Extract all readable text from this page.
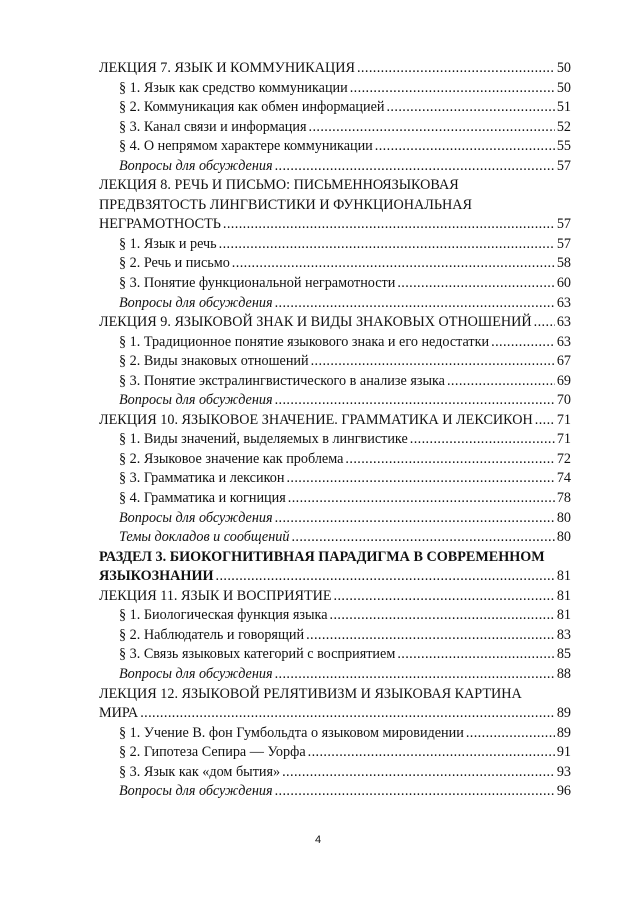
ЛЕКЦИЯ 7. ЯЗЫК И КОММУНИКАЦИЯ .....	50
§ 1. Язык как средство коммуникации .....	50
§ 2. Коммуникация как обмен информацией .....	51
§ 3. Канал связи и информация .....	52
§ 4. О непрямом характере коммуникации .....	55
Вопросы для обсуждения .....	57
ЛЕКЦИЯ 8. РЕЧЬ И ПИСЬМО: ПИСЬМЕННОЯЗЫКОВАЯ
ПРЕДВЗЯТОСТЬ ЛИНГВИСТИКИ И ФУНКЦИОНАЛЬНАЯ
НЕГРАМОТНОСТЬ .....	57
§ 1. Язык и речь .....	57
§ 2. Речь и письмо .....	58
§ 3. Понятие функциональной неграмотности .....	60
Вопросы для обсуждения .....	63
ЛЕКЦИЯ 9. ЯЗЫКОВОЙ ЗНАК И ВИДЫ ЗНАКОВЫХ ОТНОШЕНИЙ ..... 63
§ 1. Традиционное понятие языкового знака и его недостатки .....	63
§ 2. Виды знаковых отношений .....	67
§ 3. Понятие экстралингвистического в анализе языка .....	69
Вопросы для обсуждения .....	70
ЛЕКЦИЯ 10. ЯЗЫКОВОЕ ЗНАЧЕНИЕ. ГРАММАТИКА И ЛЕКСИКОН ..... 71
§ 1. Виды значений, выделяемых в лингвистике .....	71
§ 2. Языковое значение как проблема .....	72
§ 3. Грамматика и лексикон .....	74
§ 4. Грамматика и когниция .....	78
Вопросы для обсуждения .....	80
Темы докладов и сообщений .....	80
РАЗДЕЛ 3. БИОКОГНИТИВНАЯ ПАРАДИГМА В СОВРЕМЕННОМ
ЯЗЫКОЗНАНИИ .....	81
ЛЕКЦИЯ 11. ЯЗЫК И ВОСПРИЯТИЕ .....	81
§ 1. Биологическая функция языка .....	81
§ 2. Наблюдатель и говорящий .....	83
§ 3. Связь языковых категорий с восприятием .....	85
Вопросы для обсуждения .....	88
ЛЕКЦИЯ 12. ЯЗЫКОВОЙ РЕЛЯТИВИЗМ И ЯЗЫКОВАЯ КАРТИНА
МИРА .....	89
§ 1. Учение В. фон Гумбольдта о языковом мировидении .....	89
§ 2. Гипотеза Сепира — Уорфа .....	91
§ 3. Язык как «дом бытия» .....	93
Вопросы для обсуждения .....	96
4
